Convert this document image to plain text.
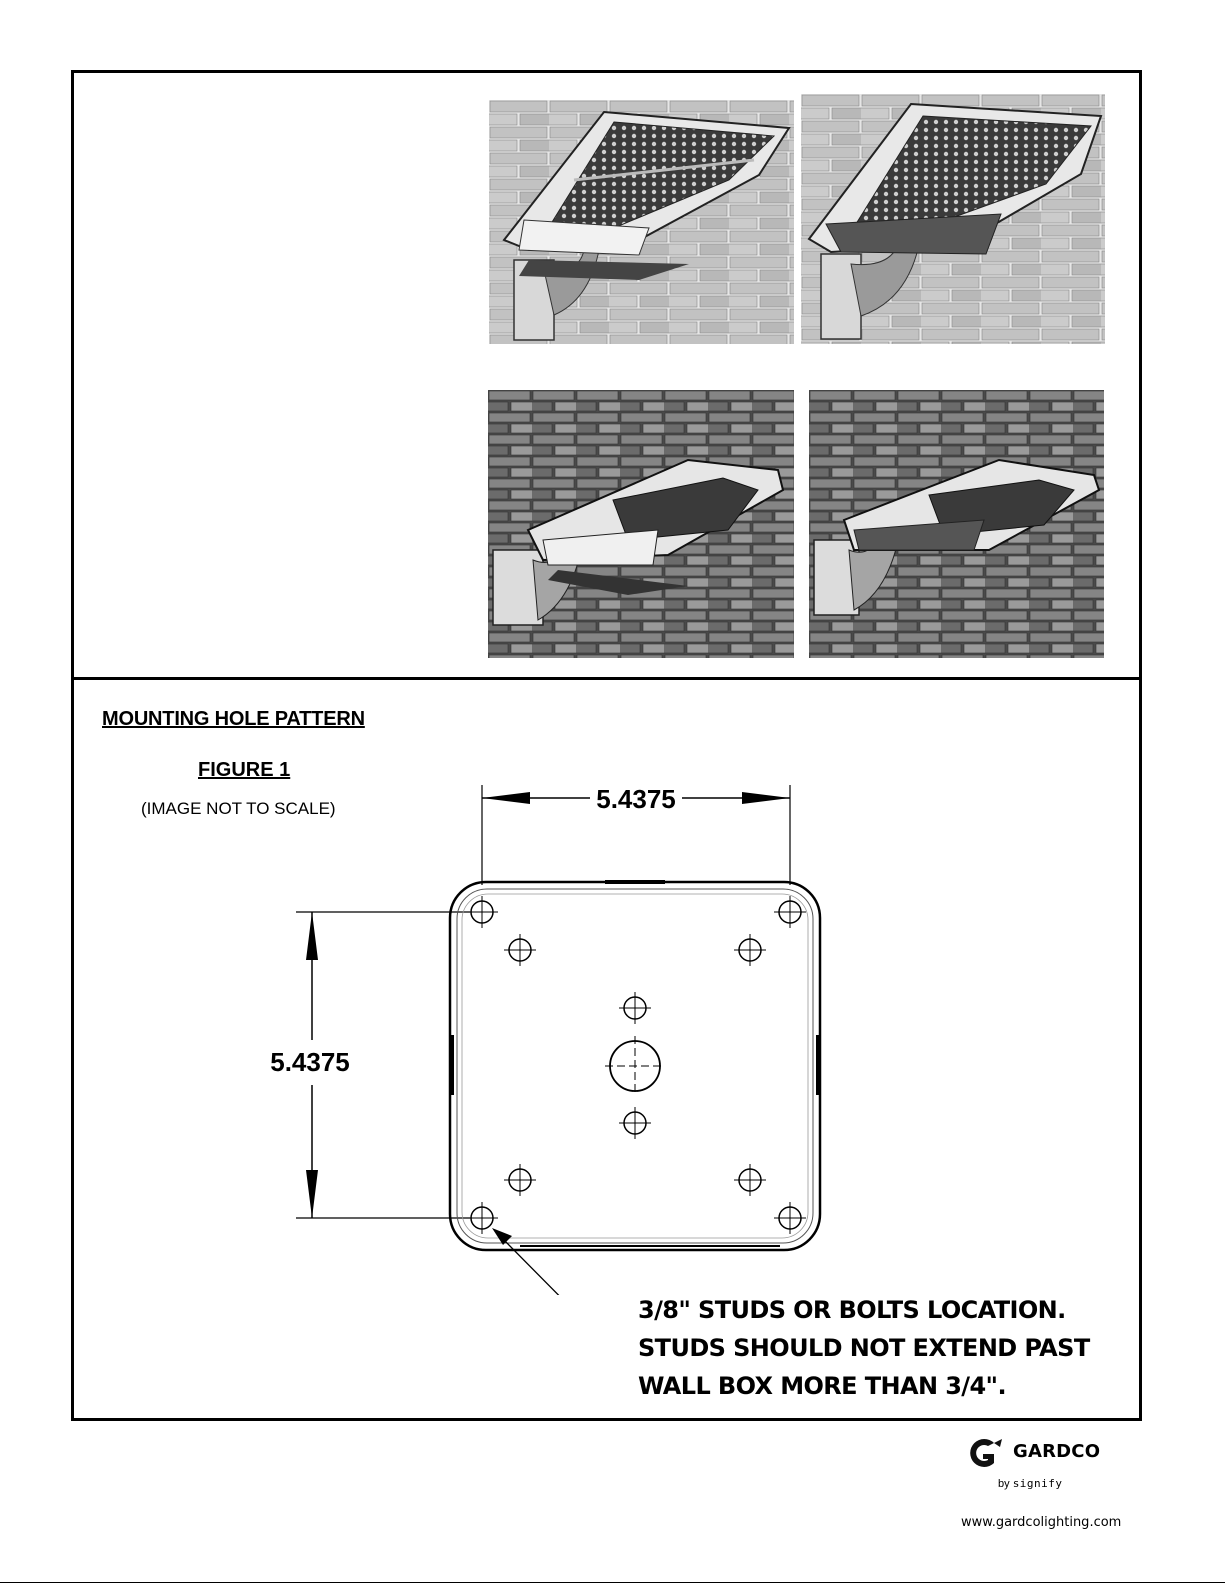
MOUNTING HOLE PATTERN
FIGURE 1
(IMAGE NOT TO SCALE)	5.4375
5.4375
3/8" STUDS OR BOLTS LOCATION.
STUDS SHOULD NOT EXTEND PAST
WALL BOX MORE THAN 3/4".
GARDCO
by signify
www.gardcolighting.com
